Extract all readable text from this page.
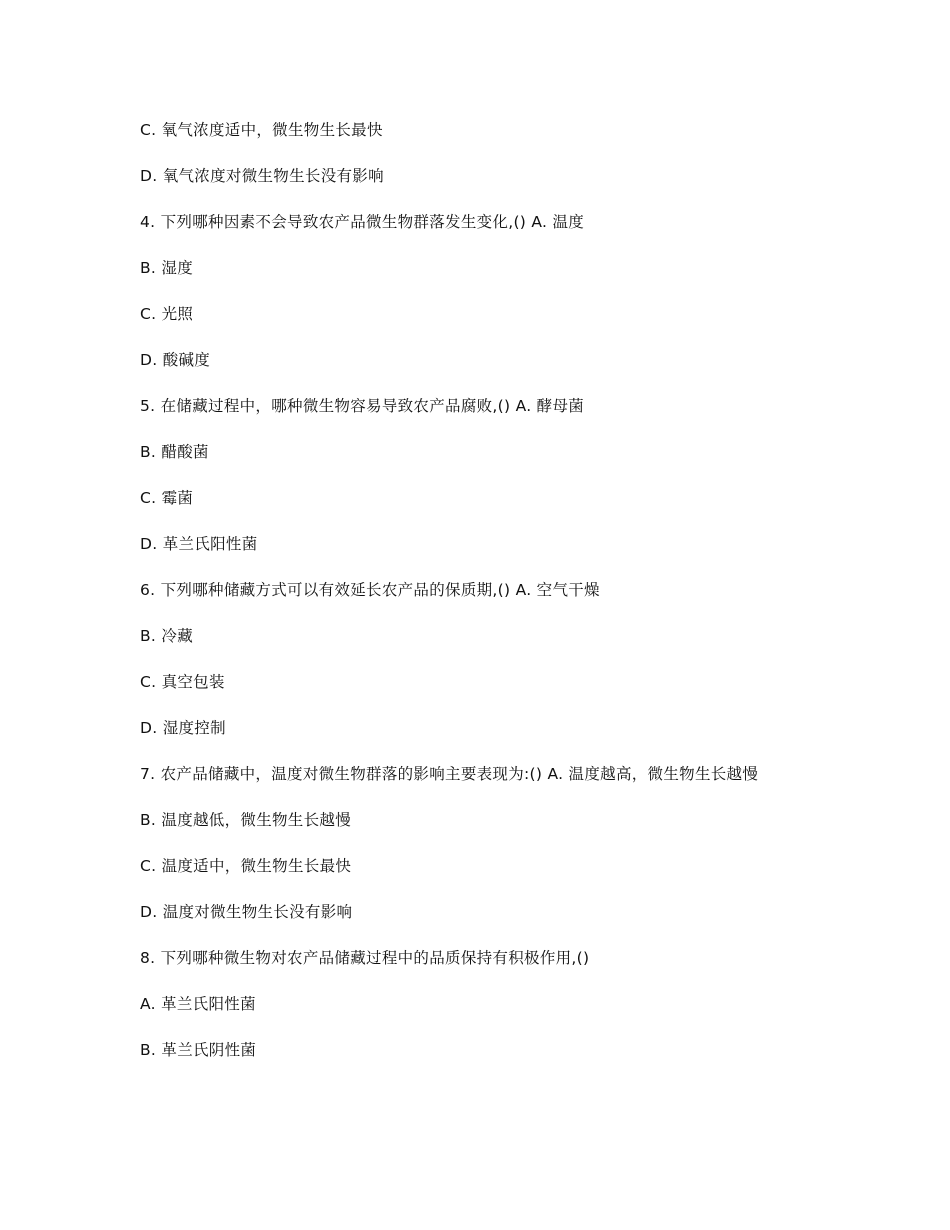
C. 氧气浓度适中，微生物生长最快

D. 氧气浓度对微生物生长没有影响

4. 下列哪种因素不会导致农产品微生物群落发生变化,() A. 温度

B. 湿度

C. 光照

D. 酸碱度

5. 在储藏过程中，哪种微生物容易导致农产品腐败,() A. 酵母菌

B. 醋酸菌

C. 霉菌

D. 革兰氏阳性菌

6. 下列哪种储藏方式可以有效延长农产品的保质期,() A. 空气干燥

B. 冷藏

C. 真空包装

D. 湿度控制

7. 农产品储藏中，温度对微生物群落的影响主要表现为:() A. 温度越高，微生物生长越慢

B. 温度越低，微生物生长越慢

C. 温度适中，微生物生长最快

D. 温度对微生物生长没有影响

8. 下列哪种微生物对农产品储藏过程中的品质保持有积极作用,()

A. 革兰氏阳性菌

B. 革兰氏阴性菌
